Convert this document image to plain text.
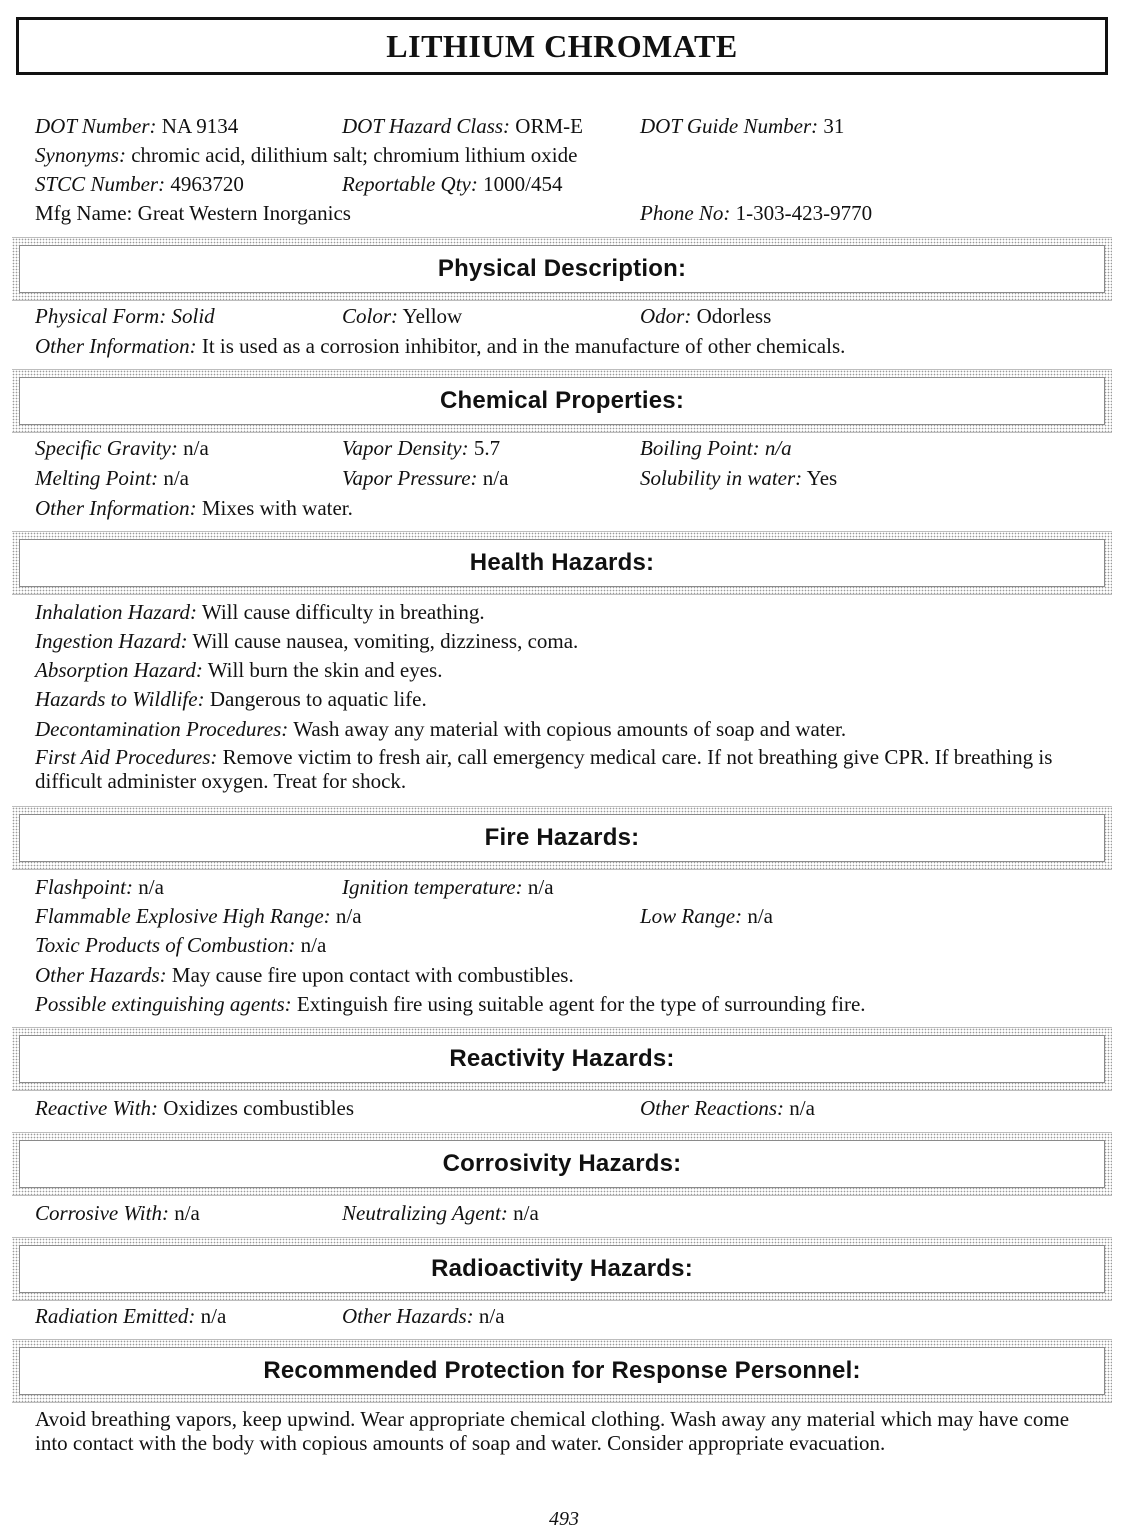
LITHIUM CHROMATE
DOT Number: NA 9134	DOT Hazard Class: ORM-E	DOT Guide Number: 31
Synonyms: chromic acid, dilithium salt; chromium lithium oxide
STCC Number: 4963720	Reportable Qty: 1000/454
Mfg Name: Great Western Inorganics	Phone No: 1-303-423-9770
Physical Description:
Physical Form: Solid	Color: Yellow	Odor: Odorless
Other Information: It is used as a corrosion inhibitor, and in the manufacture of other chemicals.
Chemical Properties:
Specific Gravity: n/a	Vapor Density: 5.7	Boiling Point: n/a
Melting Point: n/a	Vapor Pressure: n/a	Solubility in water: Yes
Other Information: Mixes with water.
Health Hazards:
Inhalation Hazard: Will cause difficulty in breathing.
Ingestion Hazard: Will cause nausea, vomiting, dizziness, coma.
Absorption Hazard: Will burn the skin and eyes.
Hazards to Wildlife: Dangerous to aquatic life.
Decontamination Procedures: Wash away any material with copious amounts of soap and water.
First Aid Procedures: Remove victim to fresh air, call emergency medical care. If not breathing give CPR. If breathing is difficult administer oxygen. Treat for shock.
Fire Hazards:
Flashpoint: n/a	Ignition temperature: n/a
Flammable Explosive High Range: n/a	Low Range: n/a
Toxic Products of Combustion: n/a
Other Hazards: May cause fire upon contact with combustibles.
Possible extinguishing agents: Extinguish fire using suitable agent for the type of surrounding fire.
Reactivity Hazards:
Reactive With: Oxidizes combustibles	Other Reactions: n/a
Corrosivity Hazards:
Corrosive With: n/a	Neutralizing Agent: n/a
Radioactivity Hazards:
Radiation Emitted: n/a	Other Hazards: n/a
Recommended Protection for Response Personnel:
Avoid breathing vapors, keep upwind. Wear appropriate chemical clothing. Wash away any material which may have come into contact with the body with copious amounts of soap and water. Consider appropriate evacuation.
493
